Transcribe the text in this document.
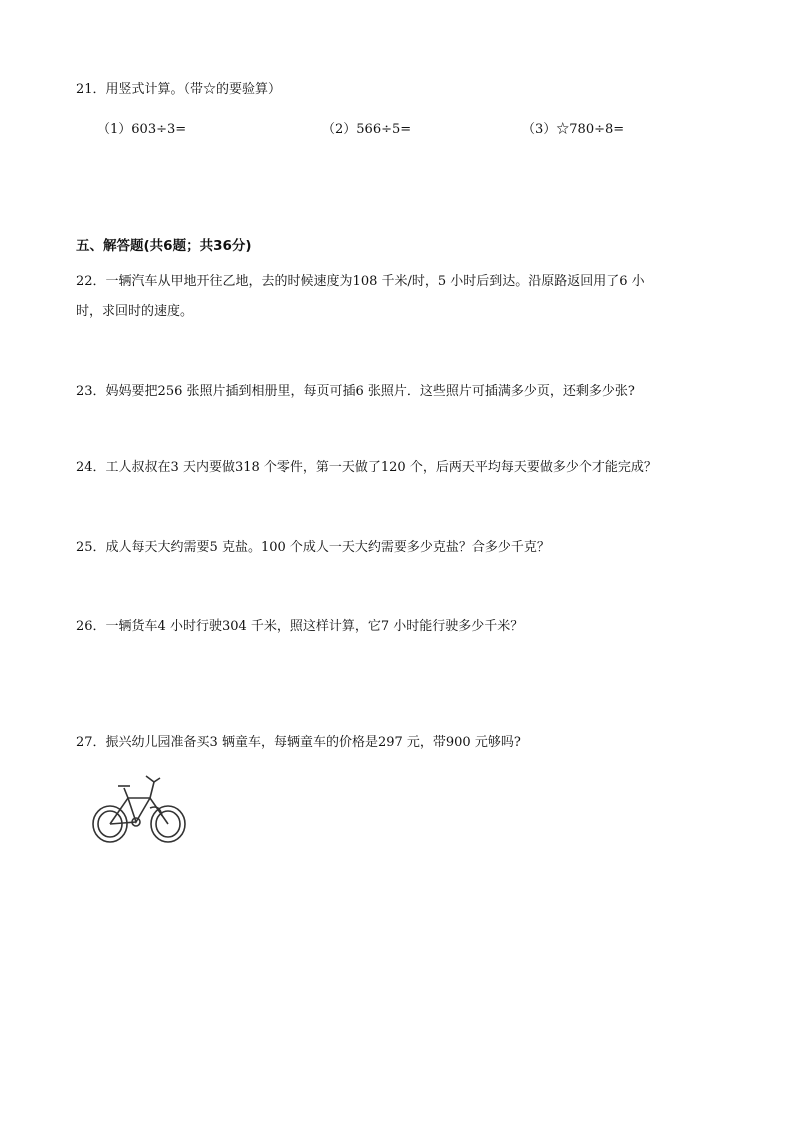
21．用竖式计算。（带☆的要验算）
（1）603÷3=	（2）566÷5=	（3）☆780÷8=
五、解答题(共6题；共36分)
22．一辆汽车从甲地开往乙地，去的时候速度为108 千米/时，5 小时后到达。沿原路返回用了6 小
时，求回时的速度。
23．妈妈要把256 张照片插到相册里，每页可插6 张照片．这些照片可插满多少页，还剩多少张?
24．工人叔叔在3 天内要做318 个零件，第一天做了120 个，后两天平均每天要做多少个才能完成？
25．成人每天大约需要5 克盐。100 个成人一天大约需要多少克盐？合多少千克？
26．一辆货车4 小时行驶304 千米，照这样计算，它7 小时能行驶多少千米？
27．振兴幼儿园准备买3 辆童车，每辆童车的价格是297 元，带900 元够吗?
